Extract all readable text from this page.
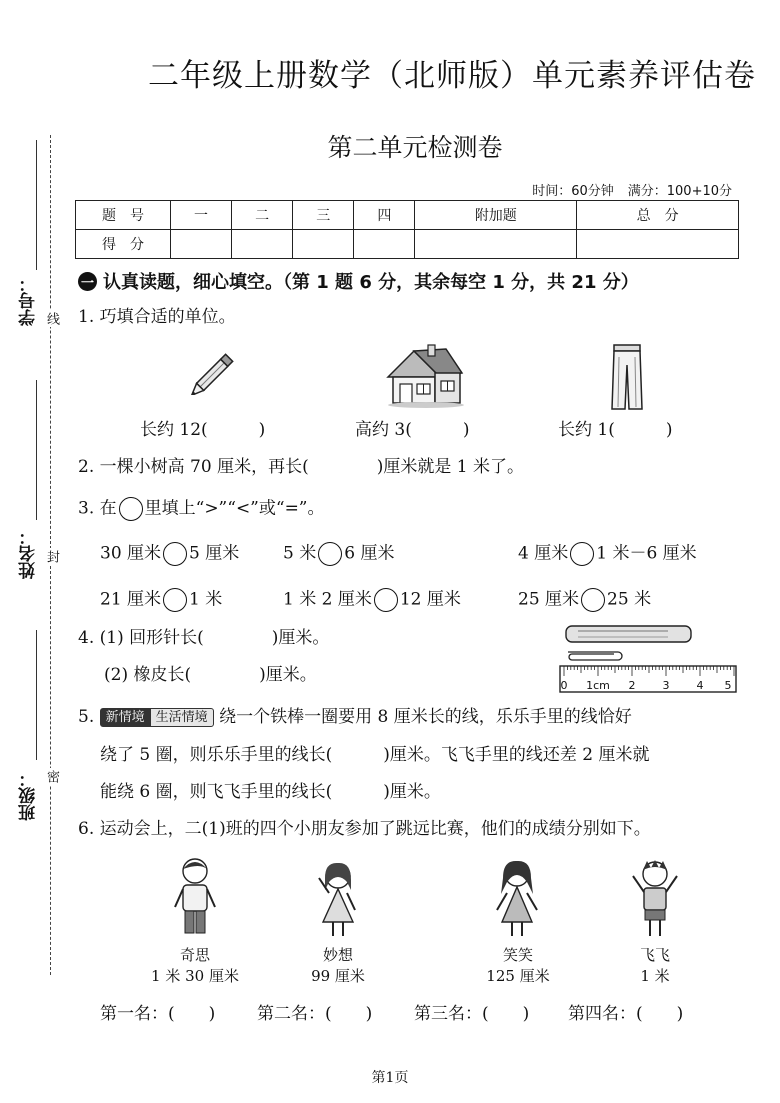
二年级上册数学（北师版）单元素养评估卷
第二单元检测卷
时间：60分钟 满分：100+10分
题　号	一	二	三	四	附加题	总　分
得　分						
学号：
姓名：
班级：
线
封
密
一 认真读题，细心填空。（第 1 题 6 分，其余每空 1 分，共 21 分）
1. 巧填合适的单位。
长约 12(　　　)	高约 3(　　　)	长约 1(　　　)
2. 一棵小树高 70 厘米，再长(　　　　)厘米就是 1 米了。
3. 在 里填上“>”“<”或“=”。
30 厘米 5 厘米	5 米 6 厘米	4 厘米 1 米－6 厘米
21 厘米 1 米	1 米 2 厘米 12 厘米	25 厘米 25 米
4. (1) 回形针长(　　　　)厘米。
(2) 橡皮长(　　　　)厘米。
0 1cm 2 3 4 5
5. 新情境 生活情境 绕一个铁棒一圈要用 8 厘米长的线，乐乐手里的线恰好
绕了 5 圈，则乐乐手里的线长(　　　)厘米。飞飞手里的线还差 2 厘米就
能绕 6 圈，则飞飞手里的线长(　　　)厘米。
6. 运动会上，二(1)班的四个小朋友参加了跳远比赛，他们的成绩分别如下。
奇思
1 米 30 厘米
妙想
99 厘米
笑笑
125 厘米
飞飞
1 米
第一名：(　　) 第二名：(　　) 第三名：(　　) 第四名：(　　)
第1页
